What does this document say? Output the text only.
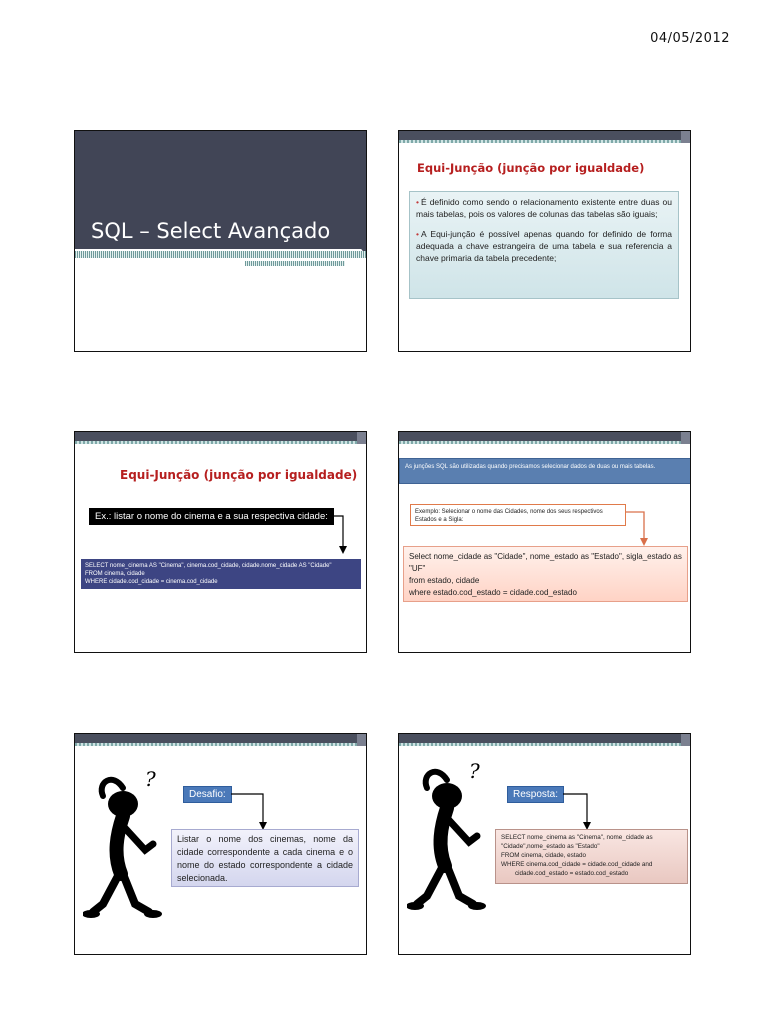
04/05/2012
SQL – Select Avançado
Equi-Junção (junção por igualdade)
• É definido como sendo o relacionamento existente entre duas ou mais tabelas, pois os valores de colunas das tabelas são iguais;
• A Equi-junção é possível apenas quando for definido de forma adequada a chave estrangeira de uma tabela e sua referencia a chave primaria da tabela precedente;
Equi-Junção (junção por igualdade)
Ex.: listar o nome do cinema e a sua respectiva cidade:
SELECT nome_cinema AS "Cinema", cinema.cod_cidade, cidade.nome_cidade AS "Cidade"
FROM cinema, cidade
WHERE cidade.cod_cidade = cinema.cod_cidade
As junções SQL são utilizadas quando precisamos selecionar dados de duas ou mais tabelas.
Exemplo: Selecionar o nome das Cidades, nome dos seus respectivos Estados e a Sigla:
Select nome_cidade as "Cidade", nome_estado as "Estado", sigla_estado as "UF"
from estado, cidade
where estado.cod_estado = cidade.cod_estado
?
Desafio:
Listar o nome dos cinemas, nome da cidade correspondente a cada cinema e o nome do estado correspondente a cidade selecionada.
?
Resposta:
SELECT nome_cinema as "Cinema", nome_cidade as "Cidade",nome_estado as "Estado"
FROM cinema, cidade, estado
WHERE cinema.cod_cidade = cidade.cod_cidade and
cidade.cod_estado = estado.cod_estado
